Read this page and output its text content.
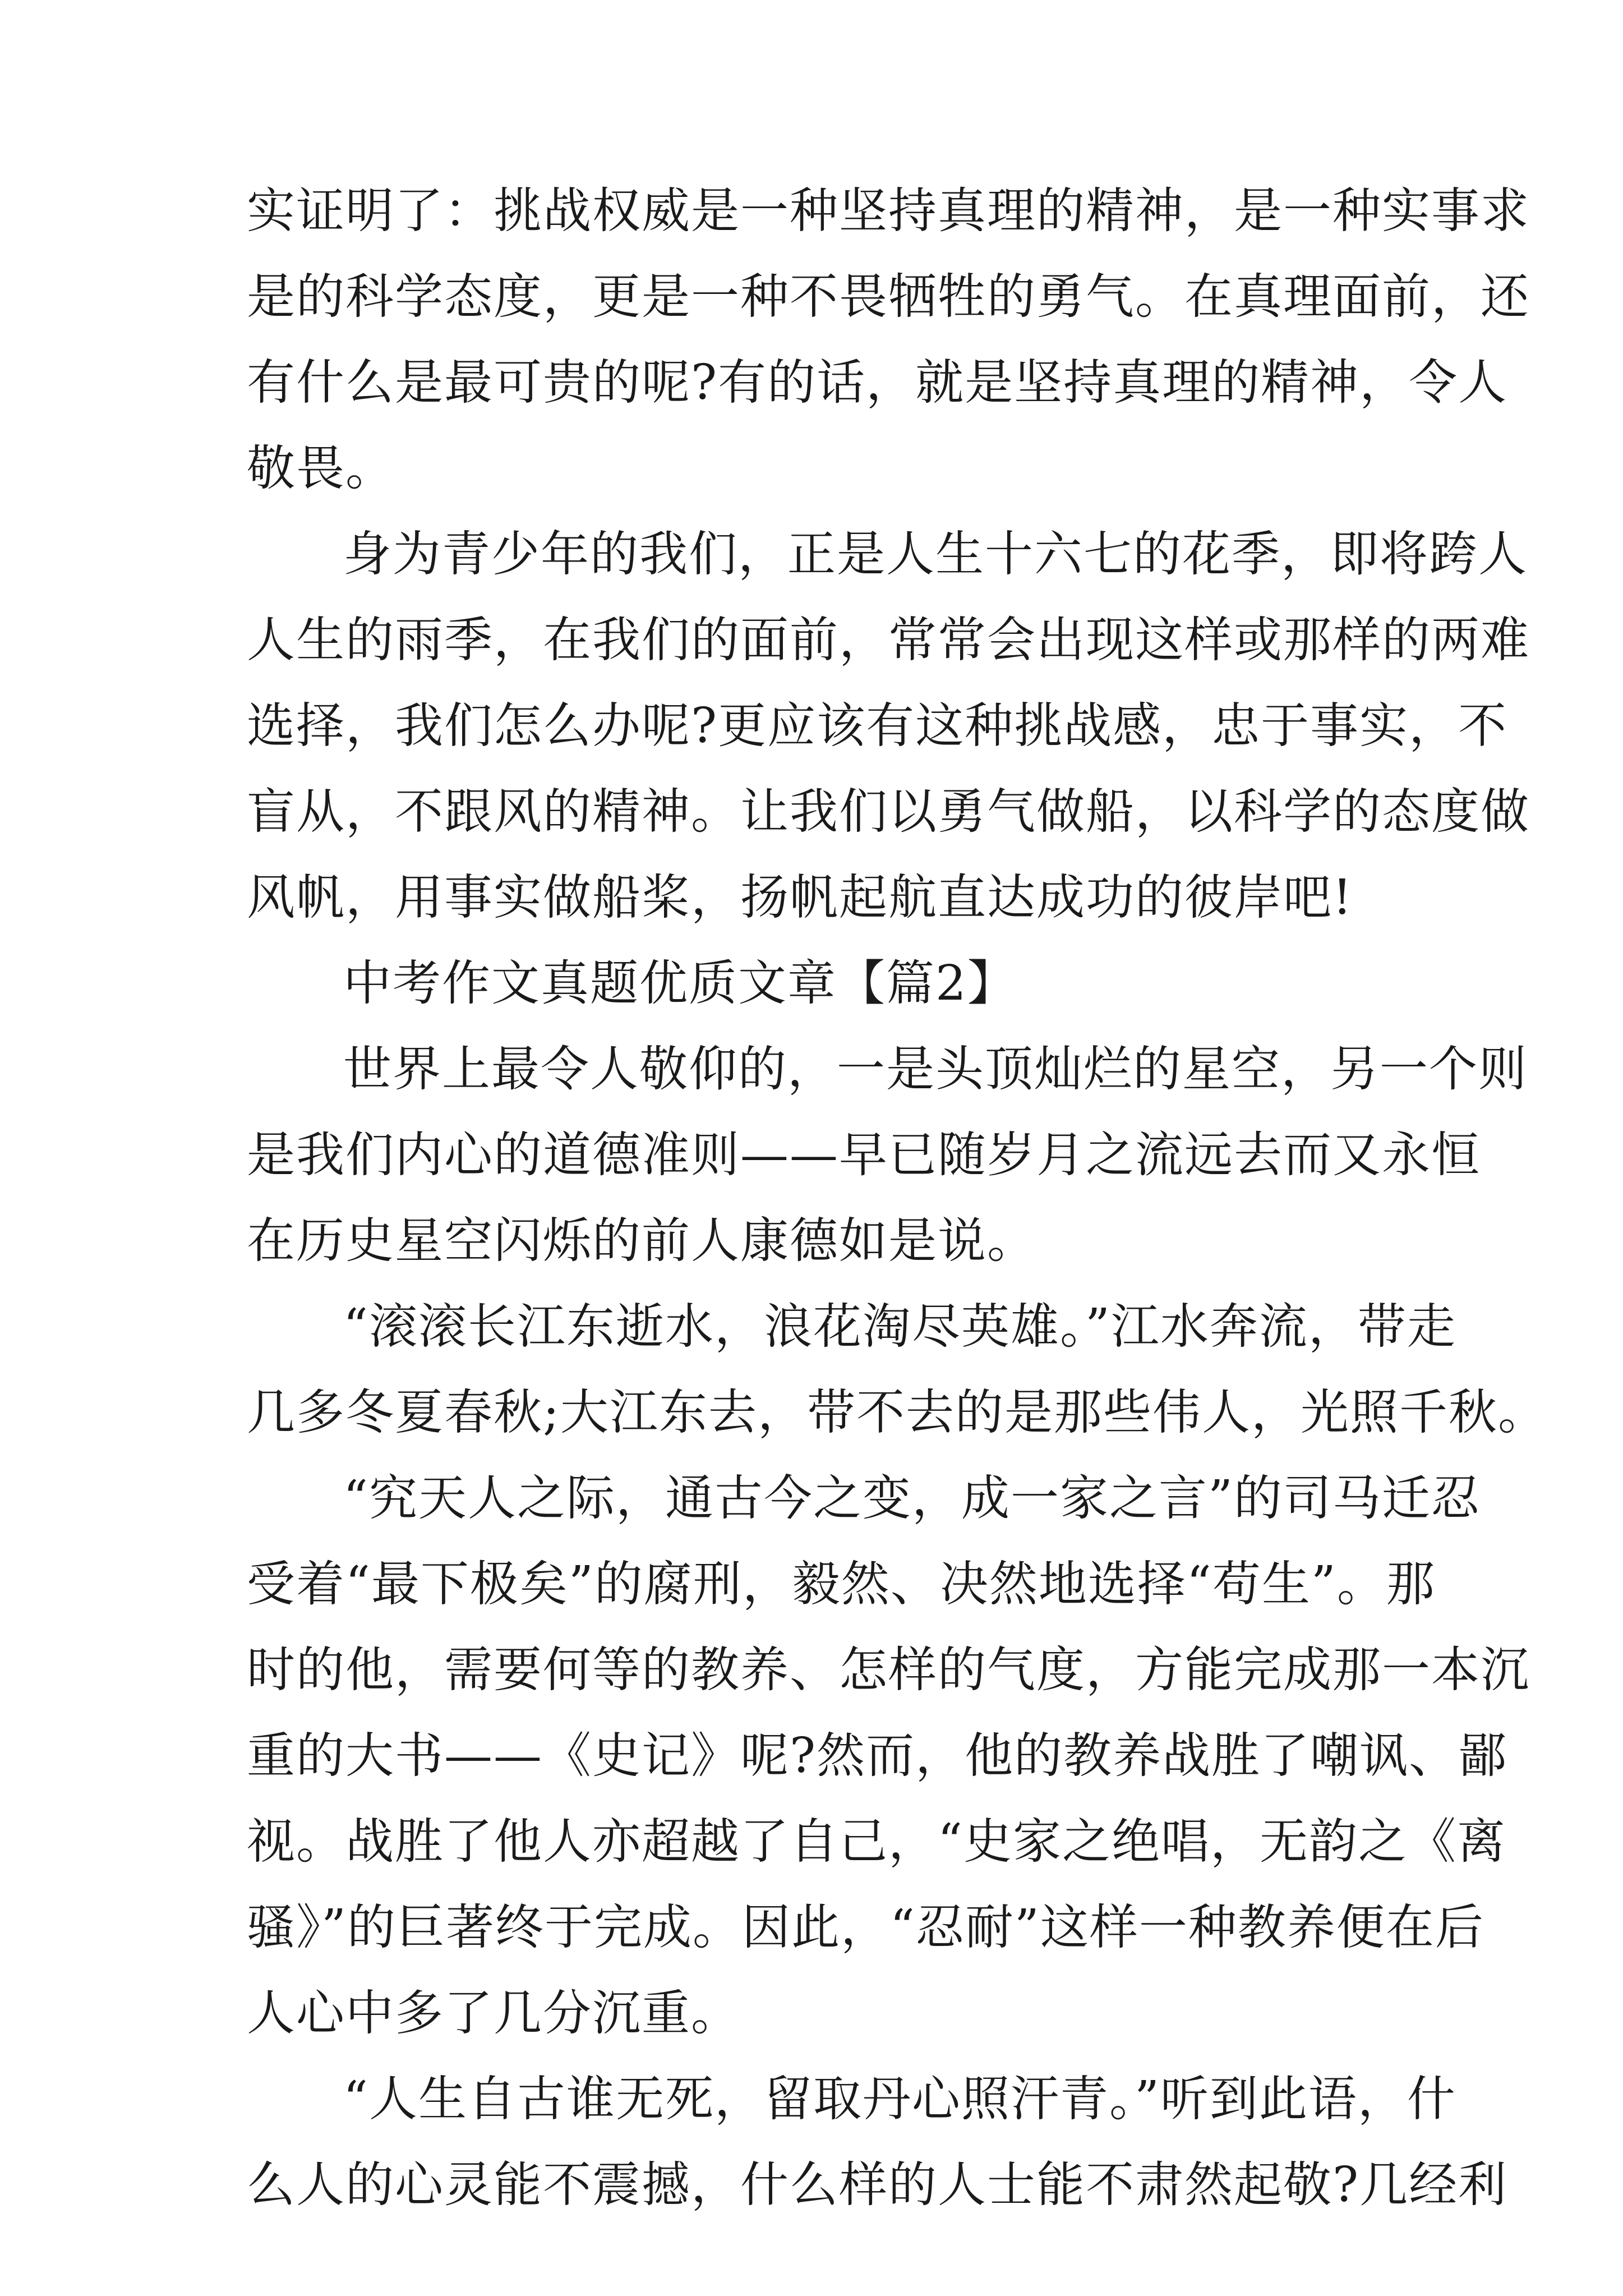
实证明了：挑战权威是一种坚持真理的精神，是一种实事求
是的科学态度，更是一种不畏牺牲的勇气。在真理面前，还
有什么是最可贵的呢?有的话，就是坚持真理的精神，令人
敬畏。
身为青少年的我们，正是人生十六七的花季，即将跨人
人生的雨季，在我们的面前，常常会出现这样或那样的两难
选择，我们怎么办呢?更应该有这种挑战感，忠于事实，不
盲从，不跟风的精神。让我们以勇气做船，以科学的态度做
风帆，用事实做船桨，扬帆起航直达成功的彼岸吧!
中考作文真题优质文章【篇2】
世界上最令人敬仰的，一是头顶灿烂的星空，另一个则
是我们内心的道德准则——早已随岁月之流远去而又永恒
在历史星空闪烁的前人康德如是说。
“滚滚长江东逝水，浪花淘尽英雄。”江水奔流，带走
几多冬夏春秋;大江东去，带不去的是那些伟人，光照千秋。
“究天人之际，通古今之变，成一家之言”的司马迁忍
受着“最下极矣”的腐刑，毅然、决然地选择“苟生”。那
时的他，需要何等的教养、怎样的气度，方能完成那一本沉
重的大书——《史记》呢?然而，他的教养战胜了嘲讽、鄙
视。战胜了他人亦超越了自己，“史家之绝唱，无韵之《离
骚》”的巨著终于完成。因此，“忍耐”这样一种教养便在后
人心中多了几分沉重。
“人生自古谁无死，留取丹心照汗青。”听到此语，什
么人的心灵能不震撼，什么样的人士能不肃然起敬?几经利
